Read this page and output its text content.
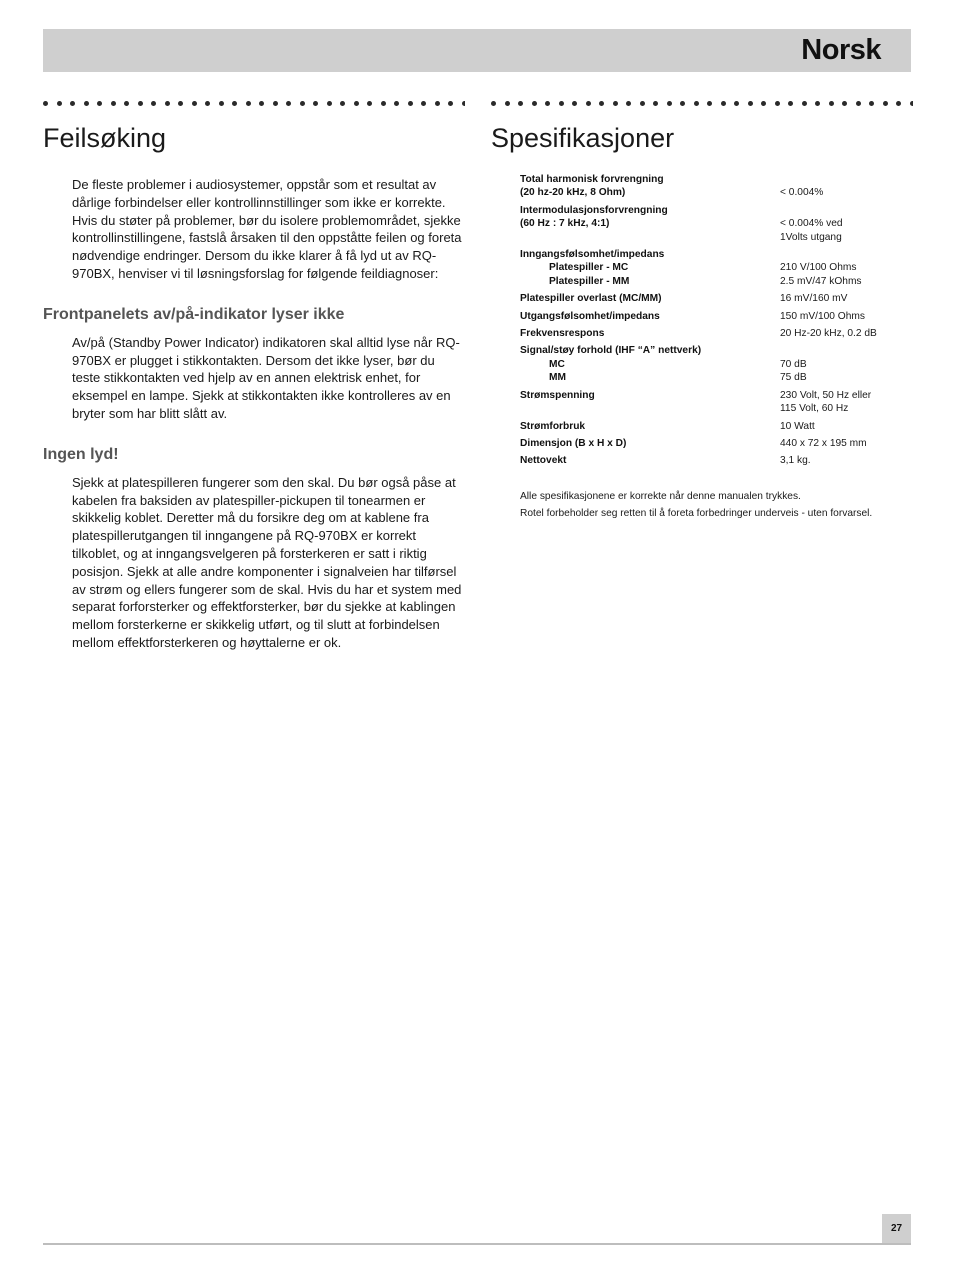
Norsk
Feilsøking

De fleste problemer i audiosystemer, oppstår som et resultat av dårlige forbindelser eller kontrollinnstillinger som ikke er korrekte. Hvis du støter på problemer, bør du isolere problemområdet, sjekke kontrollinstillingene, fastslå årsaken til den oppståtte feilen og foreta nødvendige endringer. Dersom du ikke klarer å få lyd ut av RQ-970BX, henviser vi til løsningsforslag for følgende feildiagnoser:

Frontpanelets av/på-indikator lyser ikke

Av/på (Standby Power Indicator) indikatoren skal alltid lyse når RQ-970BX er plugget i stikkontakten. Dersom det ikke lyser, bør du teste stikkontakten ved hjelp av en annen elektrisk enhet, for eksempel en lampe. Sjekk at stikkontakten ikke kontrolleres av en bryter som har blitt slått av.

Ingen lyd!

Sjekk at platespilleren fungerer som den skal. Du bør også påse at kabelen fra baksiden av platespiller-pickupen til tonearmen er skikkelig koblet. Deretter må du forsikre deg om at kablene fra platespillerutgangen til inngangene på RQ-970BX er korrekt tilkoblet, og at inngangsvelgeren på forsterkeren er satt i riktig posisjon. Sjekk at alle andre komponenter i signalveien har tilførsel av strøm og ellers fungerer som de skal. Hvis du har et system med separat forforsterker og effektforsterker, bør du sjekke at kablingen mellom forsterkerne er skikkelig utført, og til slutt at forbindelsen mellom effektforsterkeren og høyttalerne er ok.

Spesifikasjoner
Total harmonisk forvrengning
(20 hz-20 kHz, 8 Ohm)	< 0.004%
Intermodulasjonsforvrengning
(60 Hz : 7 kHz, 4:1)	< 0.004% ved

1Volts utgang
Inngangsfølsomhet/impedans
Platespiller - MC	210 V/100 Ohms
Platespiller - MM	2.5 mV/47 kOhms
Platespiller overlast (MC/MM)	16 mV/160 mV
Utgangsfølsomhet/impedans	150 mV/100 Ohms
Frekvensrespons	20 Hz-20 kHz, 0.2 dB
Signal/støy forhold (IHF “A” nettverk)
MC	70 dB
MM	75 dB
Strømspenning	230 Volt, 50 Hz eller

115 Volt, 60 Hz
Strømforbruk	10 Watt
Dimensjon (B x H x D)	440 x 72 x 195 mm
Nettovekt	3,1 kg.
Alle spesifikasjonene er korrekte når denne manualen trykkes.
Rotel forbeholder seg retten til å foreta forbedringer underveis - uten forvarsel.
27
